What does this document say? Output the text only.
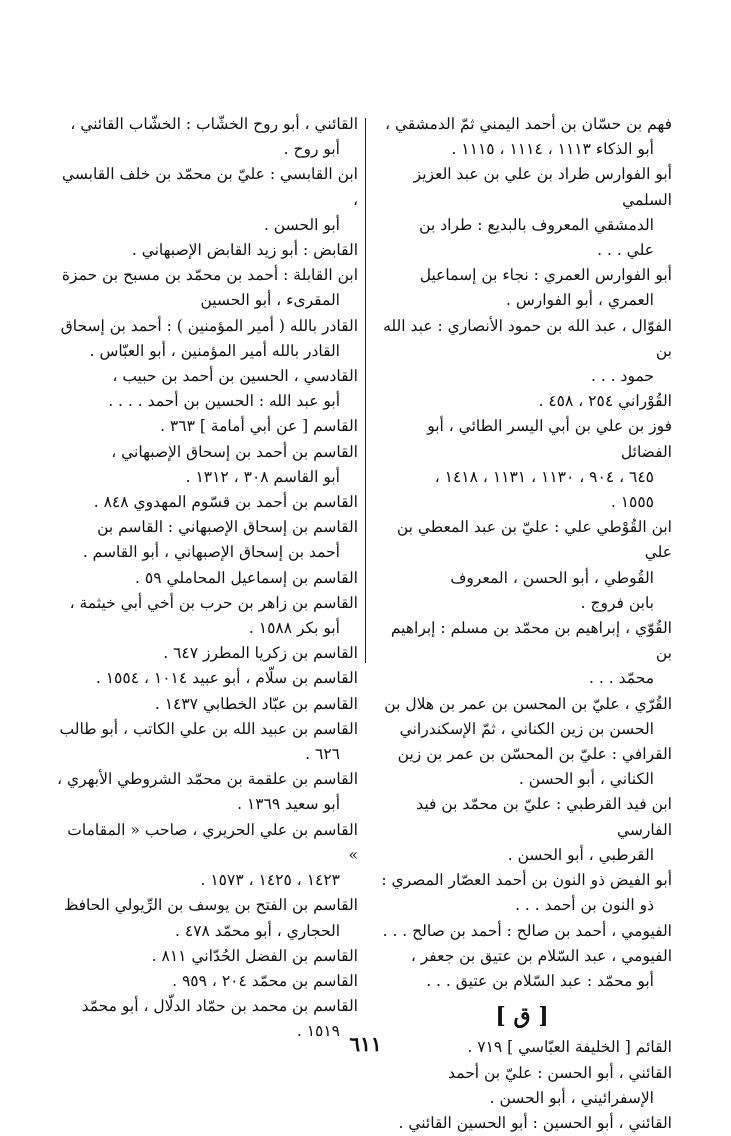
فهم بن حسّان بن أحمد اليمني ثمّ الدمشقي ،
أبو الذكاء ١١١٣ ، ١١١٤ ، ١١١٥ .

أبو الفوارس طراد بن علي بن عبد العزيز السلمي
الدمشقي المعروف بالبديع : طراد بن
علي . . .

أبو الفوارس العمري : نجاء بن إسماعيل
العمري ، أبو الفوارس .

الفوّال ، عبد الله بن حمود الأنصاري : عبد الله بن
حمود . . .

القُوْراني ٢٥٤ ، ٤٥٨ .

فوز بن علي بن أبي اليسر الطائي ، أبو الفضائل
٦٤٥ ، ٩٠٤ ، ١١٣٠ ، ١١٣١ ، ١٤١٨ ،
١٥٥٥ .

ابن القُوْطي علي : عليّ بن عبد المعطي بن علي
القُوطي ، أبو الحسن ، المعروف
بابن فروج .

القُوّي ، إبراهيم بن محمّد بن مسلم : إبراهيم بن
محمّد . . .

القُرّي ، عليّ بن المحسن بن عمر بن هلال بن
الحسن بن زين الكناني ، ثمّ الإسكندراني

القرافي : عليّ بن المحسّن بن عمر بن زين
الكناني ، أبو الحسن .

ابن فيد القرطبي : عليّ بن محمّد بن فيد الفارسي
القرطبي ، أبو الحسن .

أبو الفيض ذو النون بن أحمد العصّار المصري :
ذو النون بن أحمد . . .

الفيومي ، أحمد بن صالح : أحمد بن صالح . . .

الفيومي ، عبد السّلام بن عتيق بن جعفر ،
أبو محمّد : عبد السّلام بن عتيق . . .

[ ق ]

القائم [ الخليفة العبّاسي ] ٧١٩ .

القائني ، أبو الحسن : عليّ بن أحمد
الإسفرائيني ، أبو الحسن .

القائني ، أبو الحسين : أبو الحسين القائني .

القائني ، أبو روح الخشّاب : الخشّاب القائني ،
أبو روح .

ابن القابسي : عليّ بن محمّد بن خلف القابسي ،
أبو الحسن .

القابض : أبو زيد القابض الإصبهاني .

ابن القابلة : أحمد بن محمّد بن مسبح بن حمزة
المقرىء ، أبو الحسين

القادر بالله ( أمير المؤمنين ) : أحمد بن إسحاق
القادر بالله أمير المؤمنين ، أبو العبّاس .

القادسي ، الحسين بن أحمد بن حبيب ،
أبو عبد الله : الحسين بن أحمد . . . .

القاسم [ عن أبي أمامة ] ٣٦٣ .

القاسم بن أحمد بن إسحاق الإصبهاني ،
أبو القاسم ٣٠٨ ، ١٣١٢ .

القاسم بن أحمد بن قسّوم المهدوي ٨٤٨ .

القاسم بن إسحاق الإصبهاني : القاسم بن
أحمد بن إسحاق الإصبهاني ، أبو القاسم .

القاسم بن إسماعيل المحاملي ٥٩ .

القاسم بن زاهر بن حرب بن أخي أبي خيثمة ،
أبو بكر ١٥٨٨ .

القاسم بن زكريا المطرز ٦٤٧ .

القاسم بن سلّام ، أبو عبيد ١٠١٤ ، ١٥٥٤ .

القاسم بن عبّاد الخطابي ١٤٣٧ .

القاسم بن عبيد الله بن علي الكاتب ، أبو طالب
٦٢٦ .

القاسم بن علقمة بن محمّد الشروطي الأبهري ،
أبو سعيد ١٣٦٩ .

القاسم بن علي الحريري ، صاحب « المقامات »
١٤٢٣ ، ١٤٢٥ ، ١٥٧٣ .

القاسم بن الفتح بن يوسف بن الرِّيولي الحافظ
الحجاري ، أبو محمّد ٤٧٨ .

القاسم بن الفضل الحُدّاني ٨١١ .

القاسم بن محمّد ٢٠٤ ، ٩٥٩ .

القاسم بن محمد بن حمّاد الدلّال ، أبو محمّد
١٥١٩ .

٦١١
